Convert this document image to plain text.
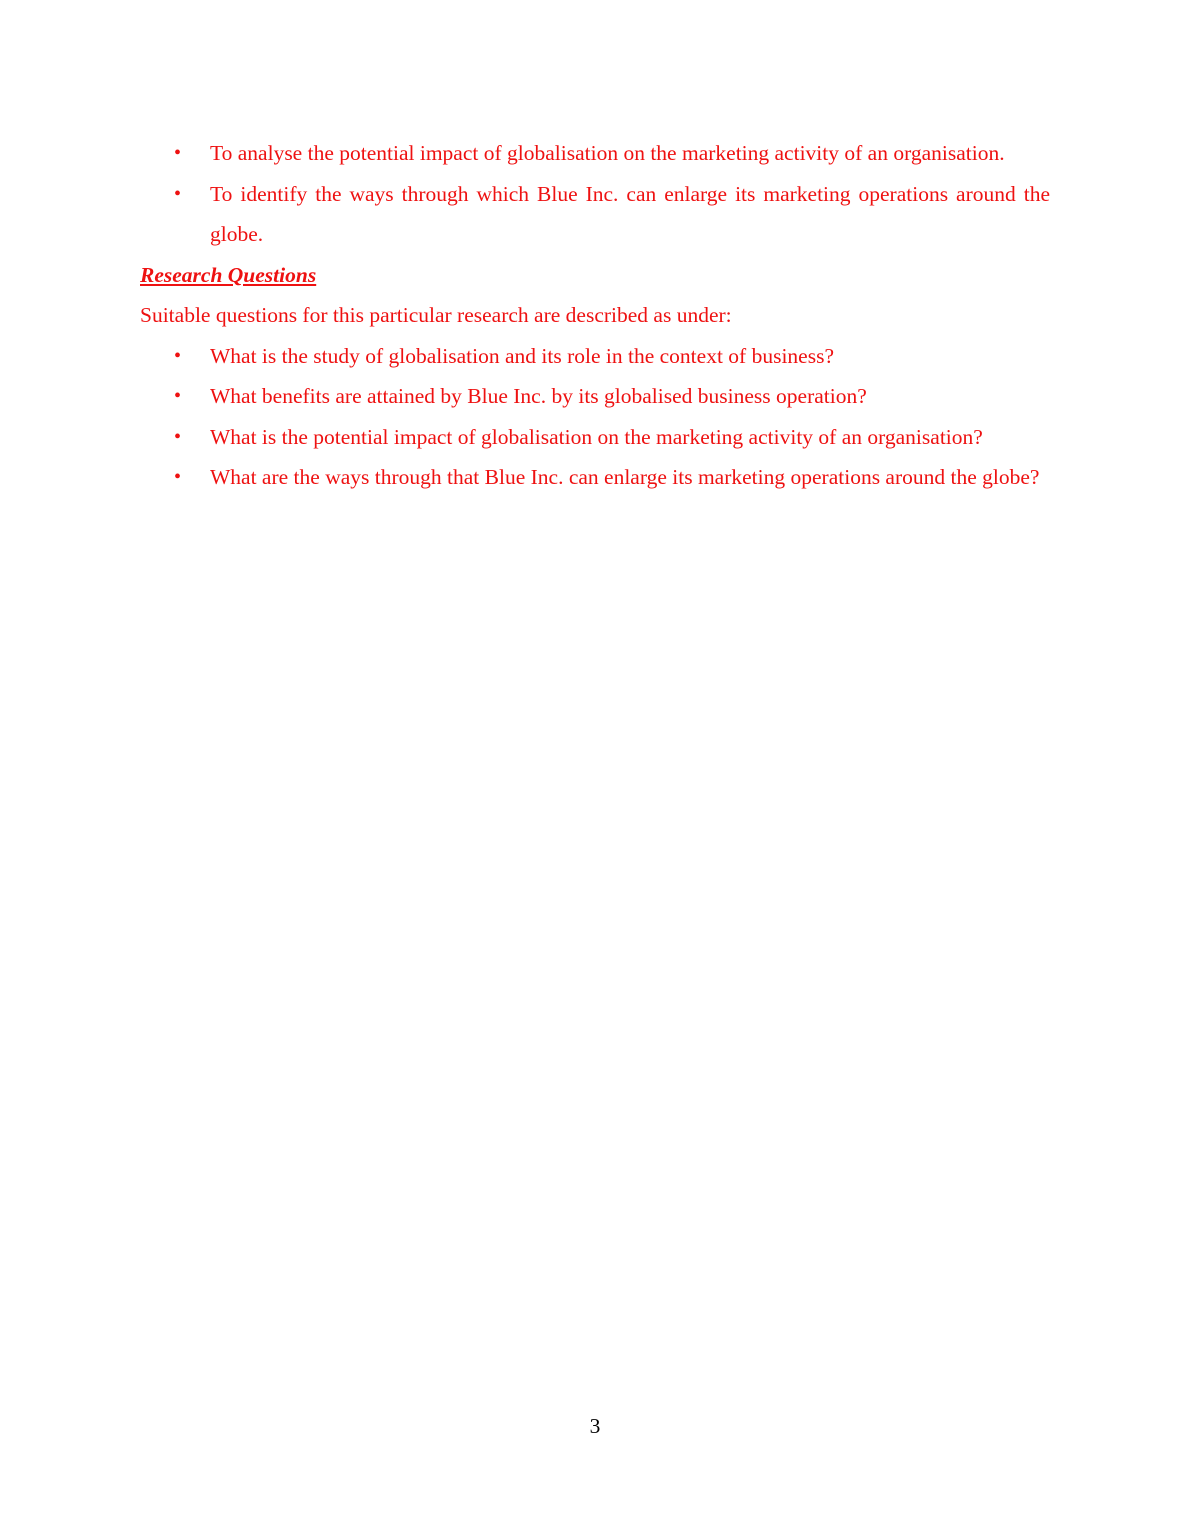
• To analyse the potential impact of globalisation on the marketing activity of an organisation.
• To identify the ways through which Blue Inc. can enlarge its marketing operations around the globe.
Research Questions
Suitable questions for this particular research are described as under:
• What is the study of globalisation and its role in the context of business?
• What benefits are attained by Blue Inc. by its globalised business operation?
• What is the potential impact of globalisation on the marketing activity of an organisation?
• What are the ways through that Blue Inc. can enlarge its marketing operations around the globe?
3
